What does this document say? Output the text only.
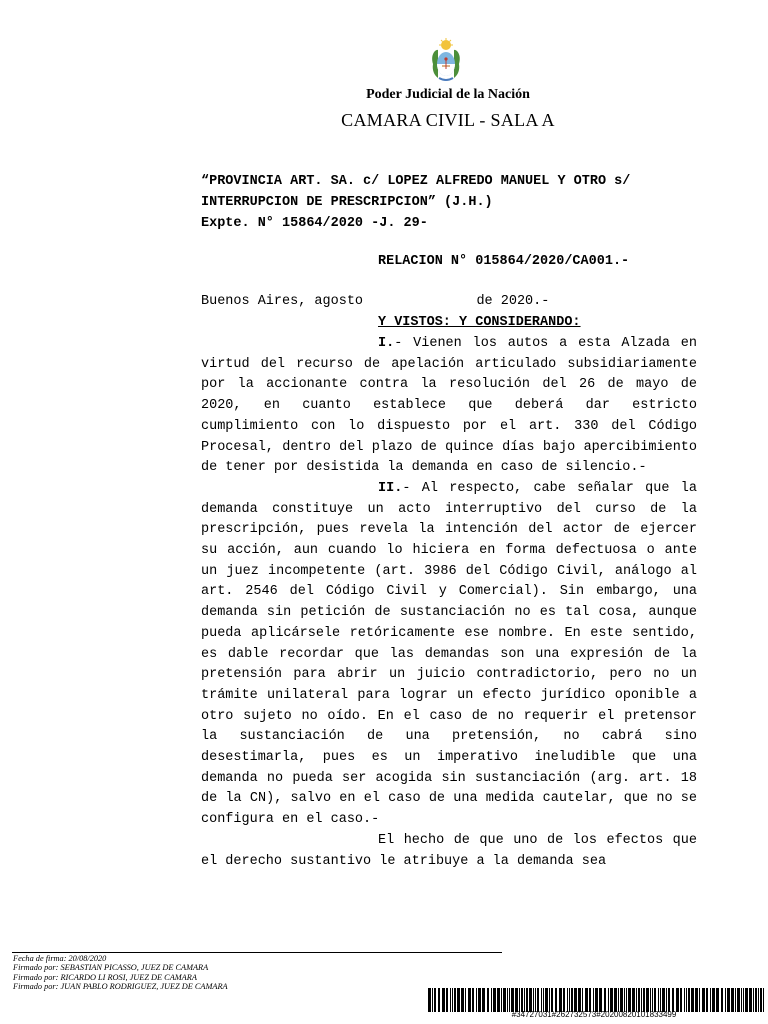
Poder Judicial de la Nación
CAMARA CIVIL - SALA A
“PROVINCIA ART. SA. c/ LOPEZ ALFREDO MANUEL Y OTRO s/
INTERRUPCION DE PRESCRIPCION” (J.H.)
Expte. N° 15864/2020 -J. 29-
RELACION N° 015864/2020/CA001.-
Buenos Aires, agosto              de 2020.-
Y VISTOS: Y CONSIDERANDO:
I.- Vienen los autos a esta Alzada en virtud del recurso de apelación articulado subsidiariamente por la accionante contra la resolución del 26 de mayo de 2020, en cuanto establece que deberá dar estricto cumplimiento con lo dispuesto por el art. 330 del Código Procesal, dentro del plazo de quince días bajo apercibimiento de tener por desistida la demanda en caso de silencio.-
II.- Al respecto, cabe señalar que la demanda constituye un acto interruptivo del curso de la prescripción, pues revela la intención del actor de ejercer su acción, aun cuando lo hiciera en forma defectuosa o ante un juez incompetente (art. 3986 del Código Civil, análogo al art. 2546 del Código Civil y Comercial). Sin embargo, una demanda sin petición de sustanciación no es tal cosa, aunque pueda aplicársele retóricamente ese nombre. En este sentido, es dable recordar que las demandas son una expresión de la pretensión para abrir un juicio contradictorio, pero no un trámite unilateral para lograr un efecto jurídico oponible a otro sujeto no oído. En el caso de no requerir el pretensor la sustanciación de una pretensión, no cabrá sino desestimarla, pues es un imperativo ineludible que una demanda no pueda ser acogida sin sustanciación (arg. art. 18 de la CN), salvo en el caso de una medida cautelar, que no se configura en el caso.-
El hecho de que uno de los efectos que el derecho sustantivo le atribuye a la demanda sea
Fecha de firma: 20/08/2020
Firmado por: SEBASTIAN PICASSO, JUEZ DE CAMARA
Firmado por: RICARDO LI ROSI, JUEZ DE CAMARA
Firmado por: JUAN PABLO RODRIGUEZ, JUEZ DE CAMARA
#34727031#262732573#20200820101833499
